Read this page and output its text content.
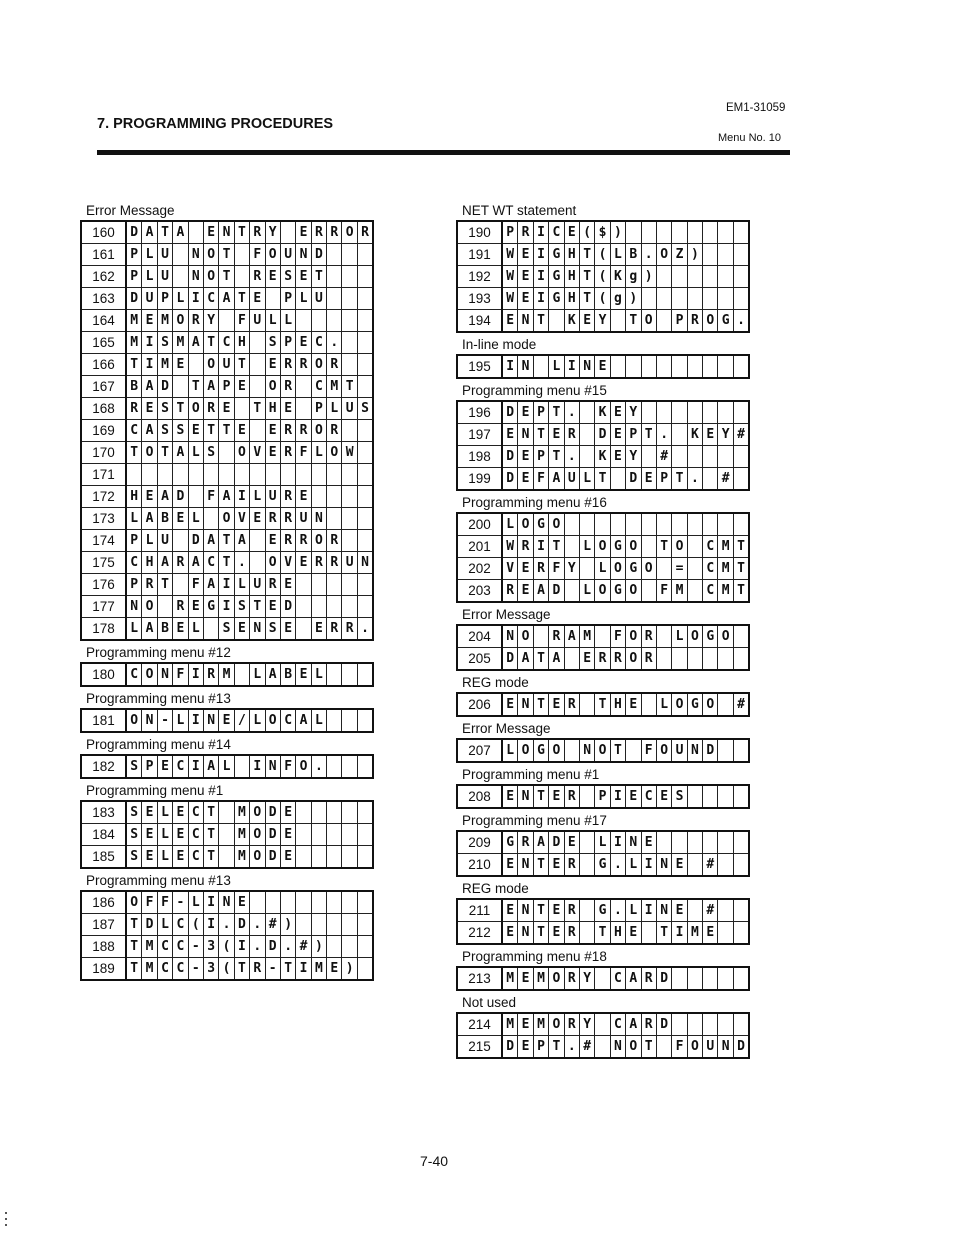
7. PROGRAMMING PROCEDURES
EM1-31059
Menu No. 10
Error Message
160	D	A	T	A		E	N	T	R	Y		E	R	R	O	R
161	P	L	U		N	O	T		F	O	U	N	D			
162	P	L	U		N	O	T		R	E	S	E	T			
163	D	U	P	L	I	C	A	T	E		P	L	U			
164	M	E	M	O	R	Y		F	U	L	L					
165	M	I	S	M	A	T	C	H		S	P	E	C	.		
166	T	I	M	E		O	U	T		E	R	R	O	R		
167	B	A	D		T	A	P	E		O	R		C	M	T	
168	R	E	S	T	O	R	E		T	H	E		P	L	U	S
169	C	A	S	S	E	T	T	E		E	R	R	O	R		
170	T	O	T	A	L	S		O	V	E	R	F	L	O	W	
171																
172	H	E	A	D		F	A	I	L	U	R	E				
173	L	A	B	E	L		O	V	E	R	R	U	N			
174	P	L	U		D	A	T	A		E	R	R	O	R		
175	C	H	A	R	A	C	T	.		O	V	E	R	R	U	N
176	P	R	T		F	A	I	L	U	R	E					
177	N	O		R	E	G	I	S	T	E	D					
178	L	A	B	E	L		S	E	N	S	E		E	R	R	.
Programming menu #12
180	C	O	N	F	I	R	M		L	A	B	E	L			
Programming menu #13
181	O	N	-	L	I	N	E	/	L	O	C	A	L			
Programming menu #14
182	S	P	E	C	I	A	L		I	N	F	O	.			
Programming menu #1
183	S	E	L	E	C	T		M	O	D	E					
184	S	E	L	E	C	T		M	O	D	E					
185	S	E	L	E	C	T		M	O	D	E					
Programming menu #13
186	O	F	F	-	L	I	N	E								
187	T	D	L	C	(	I	.	D	.	#	)					
188	T	M	C	C	-	3	(	I	.	D	.	#	)			
189	T	M	C	C	-	3	(	T	R	-	T	I	M	E	)	
NET WT statement
190	P	R	I	C	E	(	$	)								
191	W	E	I	G	H	T	(	L	B	.	O	Z	)			
192	W	E	I	G	H	T	(	K	g	)						
193	W	E	I	G	H	T	(	g	)							
194	E	N	T		K	E	Y		T	O		P	R	O	G	.
In-line mode
195	I	N		L	I	N	E									
Programming menu #15
196	D	E	P	T	.		K	E	Y							
197	E	N	T	E	R		D	E	P	T	.		K	E	Y	#
198	D	E	P	T	.		K	E	Y		#					
199	D	E	F	A	U	L	T		D	E	P	T	.		#	
Programming menu #16
200	L	O	G	O												
201	W	R	I	T		L	O	G	O		T	O		C	M	T
202	V	E	R	F	Y		L	O	G	O		=		C	M	T
203	R	E	A	D		L	O	G	O		F	M		C	M	T
Error Message
204	N	O		R	A	M		F	O	R		L	O	G	O	
205	D	A	T	A		E	R	R	O	R						
REG mode
206	E	N	T	E	R		T	H	E		L	O	G	O		#
Error Message
207	L	O	G	O		N	O	T		F	O	U	N	D		
Programming menu #1
208	E	N	T	E	R		P	I	E	C	E	S				
Programming menu #17
209	G	R	A	D	E		L	I	N	E						
210	E	N	T	E	R		G	.	L	I	N	E		#		
REG mode
211	E	N	T	E	R		G	.	L	I	N	E		#		
212	E	N	T	E	R		T	H	E		T	I	M	E		
Programming menu #18
213	M	E	M	O	R	Y		C	A	R	D					
Not used
214	M	E	M	O	R	Y		C	A	R	D					
215	D	E	P	T	.	#		N	O	T		F	O	U	N	D
7-40
